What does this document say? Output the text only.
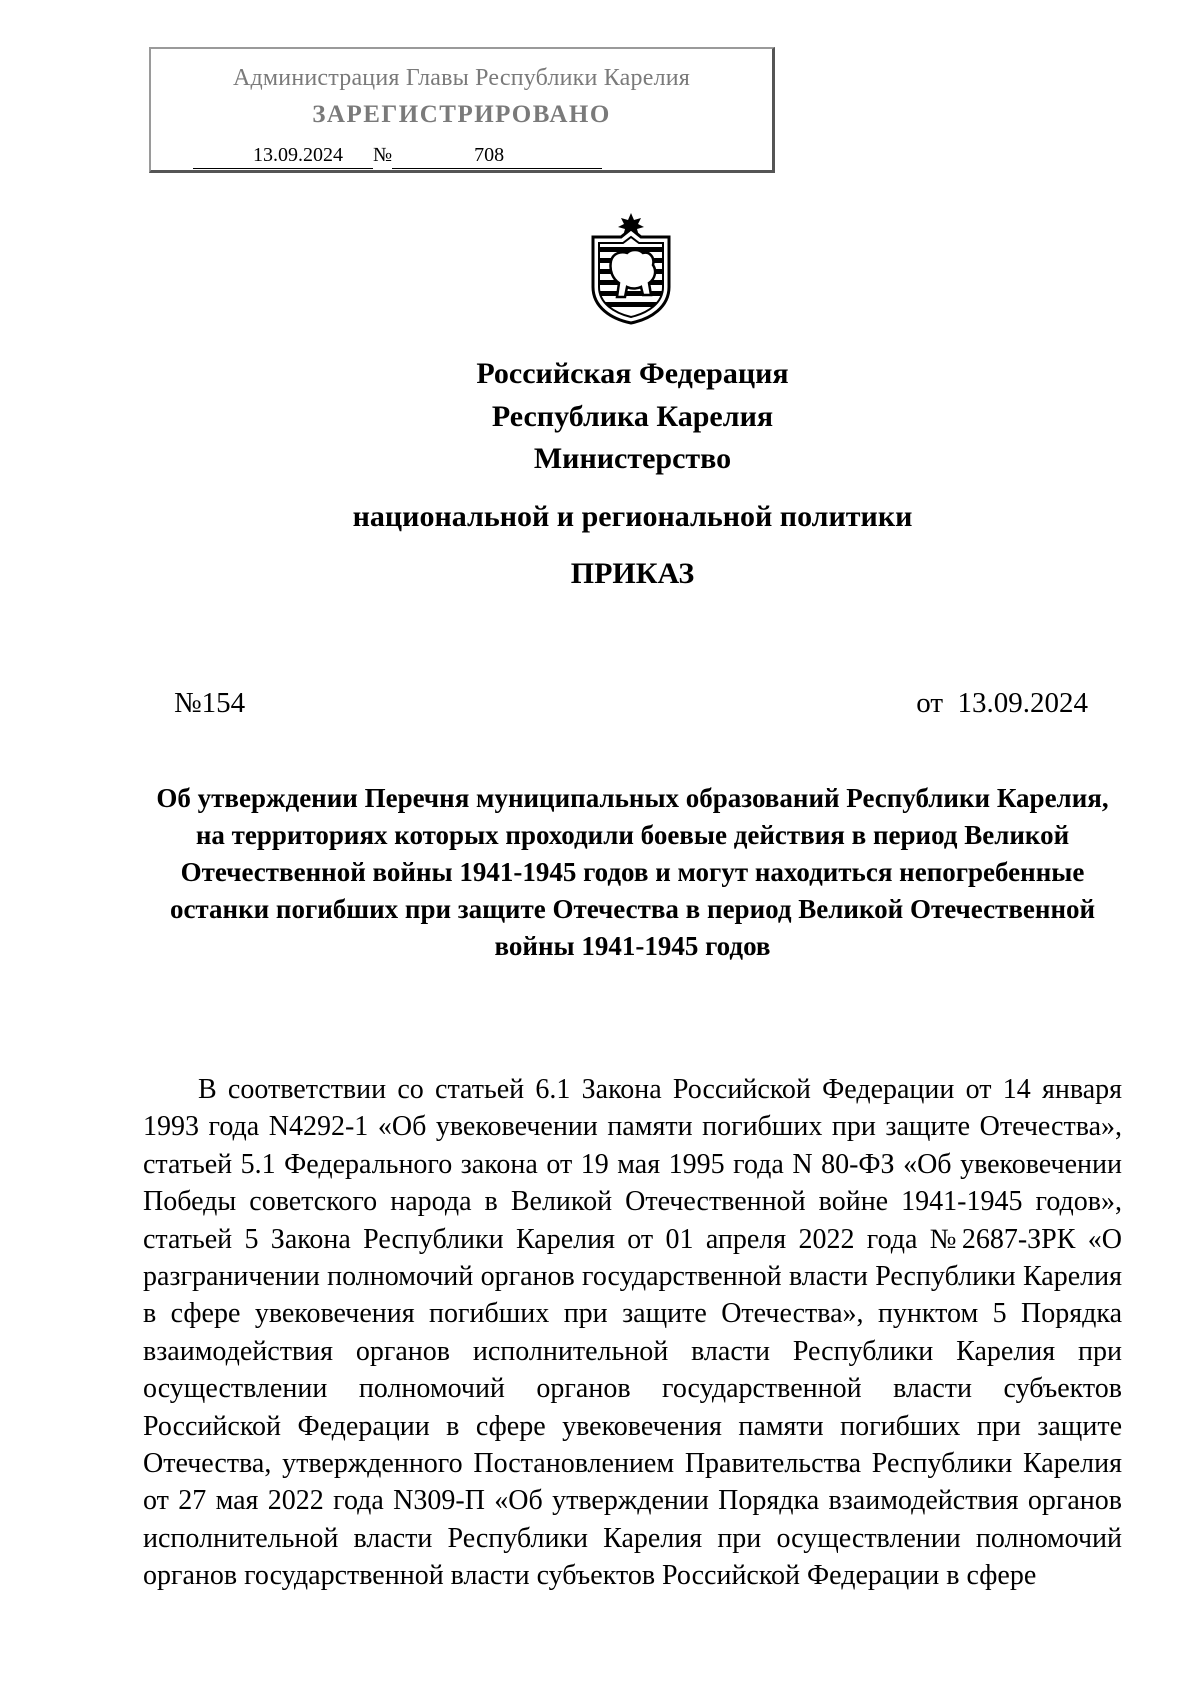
Администрация Главы Республики Карелия
ЗАРЕГИСТРИРОВАНО
13.09.2024 №	708
Российская Федерация
Республика Карелия
Министерство
национальной и региональной политики
ПРИКАЗ
№154	от 13.09.2024

Об утверждении Перечня муниципальных образований Республики Карелия, на территориях которых проходили боевые действия в период Великой Отечественной войны 1941-1945 годов и могут находиться непогребенные останки погибших при защите Отечества в период Великой Отечественной войны 1941-1945 годов

В соответствии со статьей 6.1 Закона Российской Федерации от 14 января 1993 года N4292-1 «Об увековечении памяти погибших при защите Отечества», статьей 5.1 Федерального закона от 19 мая 1995 года N 80-ФЗ «Об увековечении Победы советского народа в Великой Отечественной войне 1941-1945 годов», статьей 5 Закона Республики Карелия от 01 апреля 2022 года №2687-ЗРК «О разграничении полномочий органов государственной власти Республики Карелия в сфере увековечения погибших при защите Отечества», пунктом 5 Порядка взаимодействия органов исполнительной власти Республики Карелия при осуществлении полномочий органов государственной власти субъектов Российской Федерации в сфере увековечения памяти погибших при защите Отечества, утвержденного Постановлением Правительства Республики Карелия от 27 мая 2022 года N309-П «Об утверждении Порядка взаимодействия органов исполнительной власти Республики Карелия при осуществлении полномочий органов государственной власти субъектов Российской Федерации в сфере
